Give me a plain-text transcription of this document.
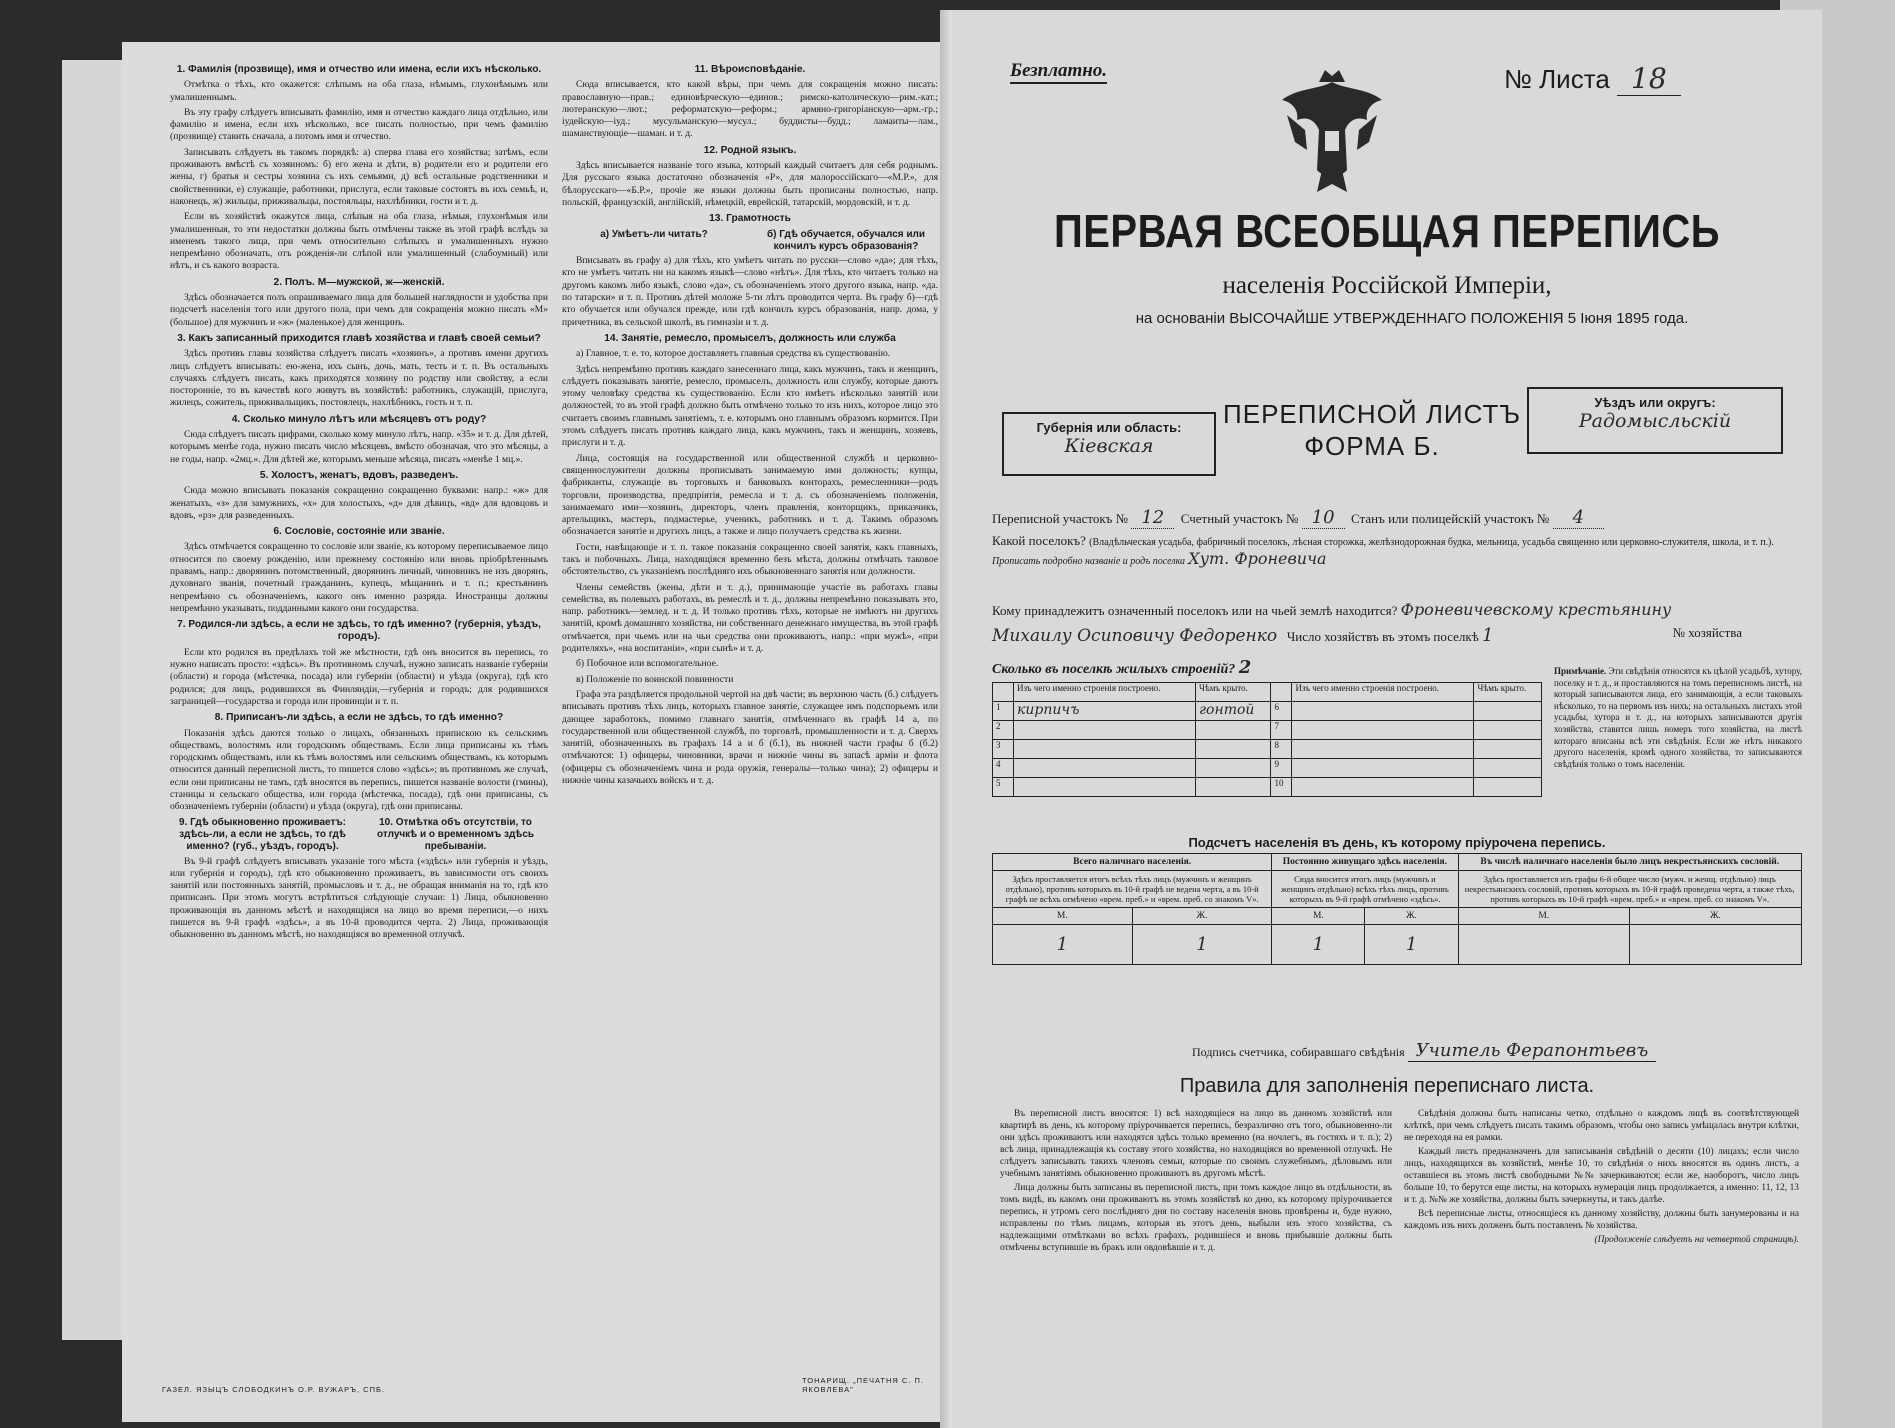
1. Фамилія (прозвище), имя и отчество или имена, если ихъ нѣсколько.

Отмѣтка о тѣхъ, кто окажется: слѣпымъ на оба глаза, нѣмымъ, глухонѣмымъ или умалишеннымъ.

Въ эту графу слѣдуетъ вписывать фамилію, имя и отчество каждаго лица отдѣльно, или фамилію и имена, если ихъ нѣсколько, все писать полностью, при чемъ фамилію (прозвище) ставить сначала, а потомъ имя и отчество.

Записывать слѣдуетъ въ такомъ порядкѣ: а) сперва глава его хозяйства; затѣмъ, если проживаютъ вмѣстѣ съ хозяиномъ: б) его жена и дѣти, в) родители его и родители его жены, г) братья и сестры хозяина съ ихъ семьями, д) всѣ остальные родственники и свойственники, е) служащіе, работники, прислуга, если таковые состоятъ въ ихъ семьѣ, и, наконецъ, ж) жильцы, приживальцы, постояльцы, нахлѣбники, гости и т. д.

Если въ хозяйствѣ окажутся лица, слѣпыя на оба глаза, нѣмыя, глухонѣмыя или умалишенныя, то эти недостатки должны быть отмѣчены также въ этой графѣ вслѣдъ за именемъ такого лица, при чемъ относительно слѣпыхъ и умалишенныхъ нужно непремѣнно обозначать, отъ рожденія-ли слѣпой или умалишенный (слабоумный) или нѣтъ, и съ какого возраста.

2. Полъ. М—мужской, ж—женскій.

Здѣсь обозначается полъ опрашиваемаго лица для большей наглядности и удобства при подсчетѣ населенія того или другого пола, при чемъ для сокращенія можно писать «М» (большое) для мужчинъ и «ж» (маленькое) для женщинъ.

3. Какъ записанный приходится главѣ хозяйства и главѣ своей семьи?

Здѣсь противъ главы хозяйства слѣдуетъ писать «хозяинъ», а противъ имени другихъ лицъ слѣдуетъ вписывать: ею-жена, ихъ сынъ, дочь, мать, тесть и т. п. Въ остальныхъ случаяхъ слѣдуетъ писать, какъ приходятся хозяину по родству или свойству, а если посторонніе, то въ качествѣ кого живутъ въ хозяйствѣ: работникъ, служащій, прислуга, жилецъ, сожитель, приживальщикъ, постоялецъ, нахлѣбникъ, гость и т. п.

4. Сколько минуло лѣтъ или мѣсяцевъ отъ роду?

Сюда слѣдуетъ писать цифрами, сколько кому минуло лѣтъ, напр. «35» и т. д. Для дѣтей, которымъ менѣе года, нужно писать число мѣсяцевъ, вмѣсто обозначая, что это мѣсяцы, а не годы, напр. «2мц.». Для дѣтей же, которымъ меньше мѣсяца, писать «менѣе 1 мц.».

5. Холостъ, женатъ, вдовъ, разведенъ.

Сюда можно вписывать показанія сокращенно сокращенно буквами: напр.: «ж» для женатыхъ, «з» для замужнихъ, «х» для холостыхъ, «д» для дѣвицъ, «вд» для вдовцовъ и вдовъ, «рз» для разведенныхъ.

6. Сословіе, состояніе или званіе.

Здѣсь отмѣчается сокращенно то сословіе или званіе, къ которому переписываемое лицо относится по своему рожденію, или прежнему состоянію или вновь пріобрѣтеннымъ правамъ, напр.: дворянинъ потомственный, дворянинъ личный, чиновникъ не изъ дворянъ, духовнаго званія, почетный гражданинъ, купецъ, мѣщанинъ и т. п.; крестьянинъ непремѣнно съ обозначеніемъ, какого онъ именно разряда. Иностранцы должны непремѣнно указывать, подданными какого они государства.

7. Родился-ли здѣсь, а если не здѣсь, то гдѣ именно? (губернія, уѣздъ, городъ).

Если кто родился въ предѣлахъ той же мѣстности, гдѣ онъ вносится въ перепись, то нужно написать просто: «здѣсь». Въ противномъ случаѣ, нужно записать названіе губерніи (области) и города (мѣстечка, посада) или губерніи (области) и уѣзда (округа), гдѣ кто родился; для лицъ, родившихся въ Финляндіи,—губернія и городъ; для родившихся заграницей—государства и города или провинціи и т. п.

8. Приписанъ-ли здѣсь, а если не здѣсь, то гдѣ именно?

Показанія здѣсь даются только о лицахъ, обязанныхъ припискою къ сельскимъ обществамъ, волостямъ или городскимъ обществамъ. Если лица приписаны къ тѣмъ городскимъ обществамъ, или къ тѣмъ волостямъ или сельскимъ обществамъ, къ которымъ относится данный переписной листъ, то пишется слово «здѣсь»; въ противномъ же случаѣ, если они приписаны не тамъ, гдѣ вносятся въ перепись, пишется названіе волости (гмины), станицы и сельскаго общества, или города (мѣстечка, посада), гдѣ они приписаны, съ обозначеніемъ губерніи (области) и уѣзда (округа), гдѣ они приписаны.

9. Гдѣ обыкновенно проживаетъ: здѣсь-ли, а если не здѣсь, то гдѣ именно? (губ., уѣздъ, городъ).
10. Отмѣтка объ отсутствіи, то отлучкѣ и о временномъ здѣсь пребываніи.

Въ 9-й графѣ слѣдуетъ вписывать указаніе того мѣста («здѣсь» или губернія и уѣздъ, или губернія и городъ), гдѣ кто обыкновенно проживаетъ, въ зависимости отъ своихъ занятій или постоянныхъ занятій, промысловъ и т. д., не обращая вниманія на то, гдѣ кто приписанъ. При этомъ могутъ встрѣтиться слѣдующіе случаи: 1) Лица, обыкновенно проживающія въ данномъ мѣстѣ и находящіяся на лицо во время переписи,—о нихъ пишется въ 9-й графѣ «здѣсь», а въ 10-й проводится черта. 2) Лица, проживающія обыкновенно въ данномъ мѣстѣ, но находящіяся во временной отлучкѣ.

11. Вѣроисповѣданіе.

Сюда вписывается, кто какой вѣры, при чемъ для сокращенія можно писать: православную—прав.; единовѣрческую—единов.; римско-католическую—рим.-кат.; лютеранскую—лют.; реформатскую—реформ.; армяно-григоріанскую—арм.-гр.; іудейскую—іуд.; мусульманскую—мусул.; буддисты—будд.; ламаиты—лам., шаманствующіе—шаман. и т. д.

12. Родной языкъ.

Здѣсь вписывается названіе того языка, который каждый считаетъ для себя роднымъ. Для русскаго языка достаточно обозначенія «Р», для малороссійскаго—«М.Р.», для бѣлорусскаго—«Б.Р.», прочіе же языки должны быть прописаны полностью, напр. польскій, французскій, англійскій, нѣмецкій, еврейскій, татарскій, мордовскій, и т. д.

13. Грамотность
а) Умѣетъ-ли читать?	б) Гдѣ обучается, обучался или кончилъ курсъ образованія?

Вписывать въ графу а) для тѣхъ, кто умѣетъ читать по русски—слово «да»; для тѣхъ, кто не умѣетъ читать ни на какомъ языкѣ—слово «нѣтъ». Для тѣхъ, кто читаетъ только на другомъ какомъ либо языкѣ, слово «да», съ обозначеніемъ этого другого языка, напр. «да. по татарски» и т. п. Противъ дѣтей моложе 5-ти лѣтъ проводится черта. Въ графу б)—гдѣ кто обучается или обучался прежде, или гдѣ кончилъ курсъ образованія, напр. дома, у причетника, въ сельской школѣ, въ гимназіи и т. д.

14. Занятіе, ремесло, промыселъ, должность или служба

а) Главное, т. е. то, которое доставляетъ главныя средства къ существованію.

Здѣсь непремѣнно противъ каждаго занесеннаго лица, какъ мужчинъ, такъ и женщинъ, слѣдуетъ показывать занятіе, ремесло, промыселъ, должность или службу, которые даютъ этому человѣку средства къ существованію. Если кто имѣетъ нѣсколько занятій или должностей, то въ этой графѣ должно быть отмѣчено только то изъ нихъ, которое лицо это считаетъ своимъ главнымъ занятіемъ, т. е. которымъ оно главнымъ образомъ кормится. При этомъ слѣдуетъ писать противъ каждаго лица, какъ мужчинъ, такъ и женщинъ, хозяевъ, прислуги и т. д.

Лица, состоящія на государственной или общественной службѣ и церковно-священнослужители должны прописывать занимаемую ими должность; купцы, фабриканты, служащіе въ торговыхъ и банковыхъ конторахъ, ремесленники—родъ торговли, производства, предпріятія, ремесла и т. д. съ обозначеніемъ положенія, занимаемаго ими—хозяинъ, директоръ, членъ правленія, конторщикъ, приказчикъ, артельщикъ, мастеръ, подмастерье, ученикъ, работникъ и т. д. Такимъ образомъ обозначается занятіе и другихъ лицъ, а также и лицо получаетъ средства къ жизни.

Гости, навѣщающіе и т. п. такое показанія сокращенно своей занятія, какъ главныхъ, такъ и побочныхъ. Лица, находящіяся временно безъ мѣста, должны отмѣчать таковое обстоятельство, съ указаніемъ послѣдняго ихъ обыкновеннаго занятія или должности.

Члены семействъ (жены, дѣти и т. д.), принимающіе участіе въ работахъ главы семейства, въ полевыхъ работахъ, въ ремеслѣ и т. д., должны непремѣнно показывать это, напр. работникъ—землед. и т. д. И только противъ тѣхъ, которые не имѣютъ ни другихъ занятій, кромѣ домашняго хозяйства, ни собственнаго денежнаго имущества, въ этой графѣ отмѣчается, при чьемъ или на чьи средства они проживаютъ, напр.: «при мужѣ», «при родителяхъ», «на воспитаніи», «при сынѣ» и т. д.

б) Побочное или вспомогательное.

в) Положеніе по воинской повинности

Графа эта раздѣляется продольной чертой на двѣ части; въ верхнюю часть (б.) слѣдуетъ вписывать противъ тѣхъ лицъ, которыхъ главное занятіе, служащее имъ подспорьемъ или дающее заработокъ, помимо главнаго занятія, отмѣченнаго въ графѣ 14 а, по государственной или общественной службѣ, по торговлѣ, промышленности и т. д. Сверхъ занятій, обозначенныхъ въ графахъ 14 а и б (б.1), въ нижней части графы б (б.2) отмѣчаются: 1) офицеры, чиновники, врачи и нижніе чины въ запасѣ арміи и флота (офицеры съ обозначеніемъ чина и рода оружія, генералы—только чина); 2) офицеры и нижніе чины казачьихъ войскъ и т. д.

ГАЗЕЛ. ЯЗЫЦЪ СЛОБОДКИНЪ О.Р. ВУЖАРЪ, СПБ.
ТОНАРИЩ. „ПЕЧАТНЯ С. П. ЯКОВЛЕВА"
Безплатно.	№ Листа 18
ПЕРВАЯ ВСЕОБЩАЯ ПЕРЕПИСЬ
населенія Россійской Имперіи,
на основаніи ВЫСОЧАЙШЕ УТВЕРЖДЕННАГО ПОЛОЖЕНІЯ 5 Іюня 1895 года.
Губернія или область:
Кіевская
ПЕРЕПИСНОЙ ЛИСТЪ
ФОРМА Б.
Уѣздъ или округъ:
Радомысльскій
Переписной участокъ № 12 Счетный участокъ № 10 Станъ или полицейскій участокъ № 4
Какой поселокъ? (Владѣльческая усадьба, фабричный поселокъ, лѣсная сторожка, желѣзнодорожная будка, мельница, усадьба священно или церковно-служителя, школа, и т. п.). Прописать подробно названіе и родъ поселка Хут. Фроневича
Кому принадлежитъ означенный поселокъ или на чьей землѣ находится? Фроневичевскому крестьянину
Михаилу Осиповичу Федоренко Число хозяйствъ въ этомъ поселкѣ 1	№ хозяйства
Сколько въ поселкѣ жилыхъ строеній? 2
	Изъ чего именно строенія построено.	Чѣмъ крыто.		Изъ чего именно строенія построено.	Чѣмъ крыто.
1	кирпичъ	гонтой	6		
2			7		
3			8		
4			9		
5			10		
Примѣчаніе. Эти свѣдѣнія относятся къ цѣлой усадьбѣ, хутору, поселку и т. д., и проставляются на томъ переписномъ листѣ, на который записываются лица, его занимающія, а если таковыхъ нѣсколько, то на первомъ изъ нихъ; на остальныхъ листахъ этой усадьбы, хутора и т. д., на которыхъ записываются другія хозяйства, ставится лишь номеръ того хозяйства, на листѣ котораго вписаны всѣ эти свѣдѣнія. Если же нѣтъ никакого другого населенія, кромѣ одного хозяйства, то записываются свѣдѣнія только о томъ населеніи.
Подсчетъ населенія въ день, къ которому пріурочена перепись.
Всего наличнаго населенія.		Постоянно живущаго здѣсь населенія.		Въ числѣ наличнаго населенія было лицъ некрестьянскихъ сословій.	
Здѣсь проставляется итогъ всѣхъ тѣхъ лицъ (мужчинъ и женщинъ отдѣльно), противъ которыхъ въ 10-й графѣ не ведена черта, а въ 10-й графѣ не всѣхъ отмѣчено «врем. преб.» и «врем. преб. со знакомъ V».		Сюда вносится итогъ лицъ (мужчинъ и женщинъ отдѣльно) всѣхъ тѣхъ лицъ, противъ которыхъ въ 9-й графѣ отмѣчено «здѣсь».		Здѣсь проставляется изъ графы 6-й общее число (мужч. и женщ. отдѣльно) лицъ некрестьянскихъ сословій, противъ которыхъ въ 10-й графѣ проведена черта, а также тѣхъ, противъ которыхъ въ 10-й графѣ «врем. преб.» и «врем. преб. со знакомъ V».	
М.	Ж.	М.	Ж.	М.	Ж.
1	1	1	1		
Подпись счетчика, собиравшаго свѣдѣнія Учитель Ферапонтьевъ
Правила для заполненія переписнаго листа.

Въ переписной листъ вносятся: 1) всѣ находящіеся на лицо въ данномъ хозяйствѣ или квартирѣ въ день, къ которому пріурочивается перепись, безразлично отъ того, обыкновенно-ли они здѣсь проживаютъ или находятся здѣсь только временно (на ночлегъ, въ гостяхъ и т. п.); 2) всѣ лица, принадлежащія къ составу этого хозяйства, но находящіяся во временной отлучкѣ. Не слѣдуетъ записывать такихъ членовъ семьи, которые по своимъ служебнымъ, дѣловымъ или учебнымъ занятіямъ обыкновенно проживаютъ въ другомъ мѣстѣ.

Лица должны быть записаны въ переписной листъ, при томъ каждое лицо въ отдѣльности, въ томъ видѣ, въ какомъ они проживаютъ въ этомъ хозяйствѣ ко дню, къ которому пріурочивается перепись, и утромъ сего послѣдняго дня по составу населенія вновь провѣрены и, буде нужно, исправлены по тѣмъ лицамъ, которыя въ этотъ день, выбыли изъ этого хозяйства, съ надлежащими отмѣтками во всѣхъ графахъ, родившіеся и вновь прибывшіе должны быть отмѣчены вступившіе въ бракъ или овдовѣвшіе и т. д.

Свѣдѣнія должны быть написаны четко, отдѣльно о каждомъ лицѣ въ соотвѣтствующей клѣткѣ, при чемъ слѣдуетъ писать такимъ образомъ, чтобы оно запись умѣщалась внутри клѣтки, не переходя на ея рамки.

Каждый листъ предназначенъ для записыванія свѣдѣній о десяти (10) лицахъ; если число лицъ, находящихся въ хозяйствѣ, менѣе 10, то свѣдѣнія о нихъ вносятся въ одинъ листъ, а оставшіеся въ этомъ листѣ свободными №№ зачеркиваются; если же, наоборотъ, число лицъ больше 10, то берутся еще листы, на которыхъ нумерація лицъ продолжается, а именно: 11, 12, 13 и т. д. №№ же хозяйства, должны быть зачеркнуты, и такъ далѣе.

Всѣ переписные листы, относящіеся къ данному хозяйству, должны быть занумерованы и на каждомъ изъ нихъ долженъ быть поставленъ № хозяйства.

(Продолженіе слѣдуетъ на четвертой страницѣ).
